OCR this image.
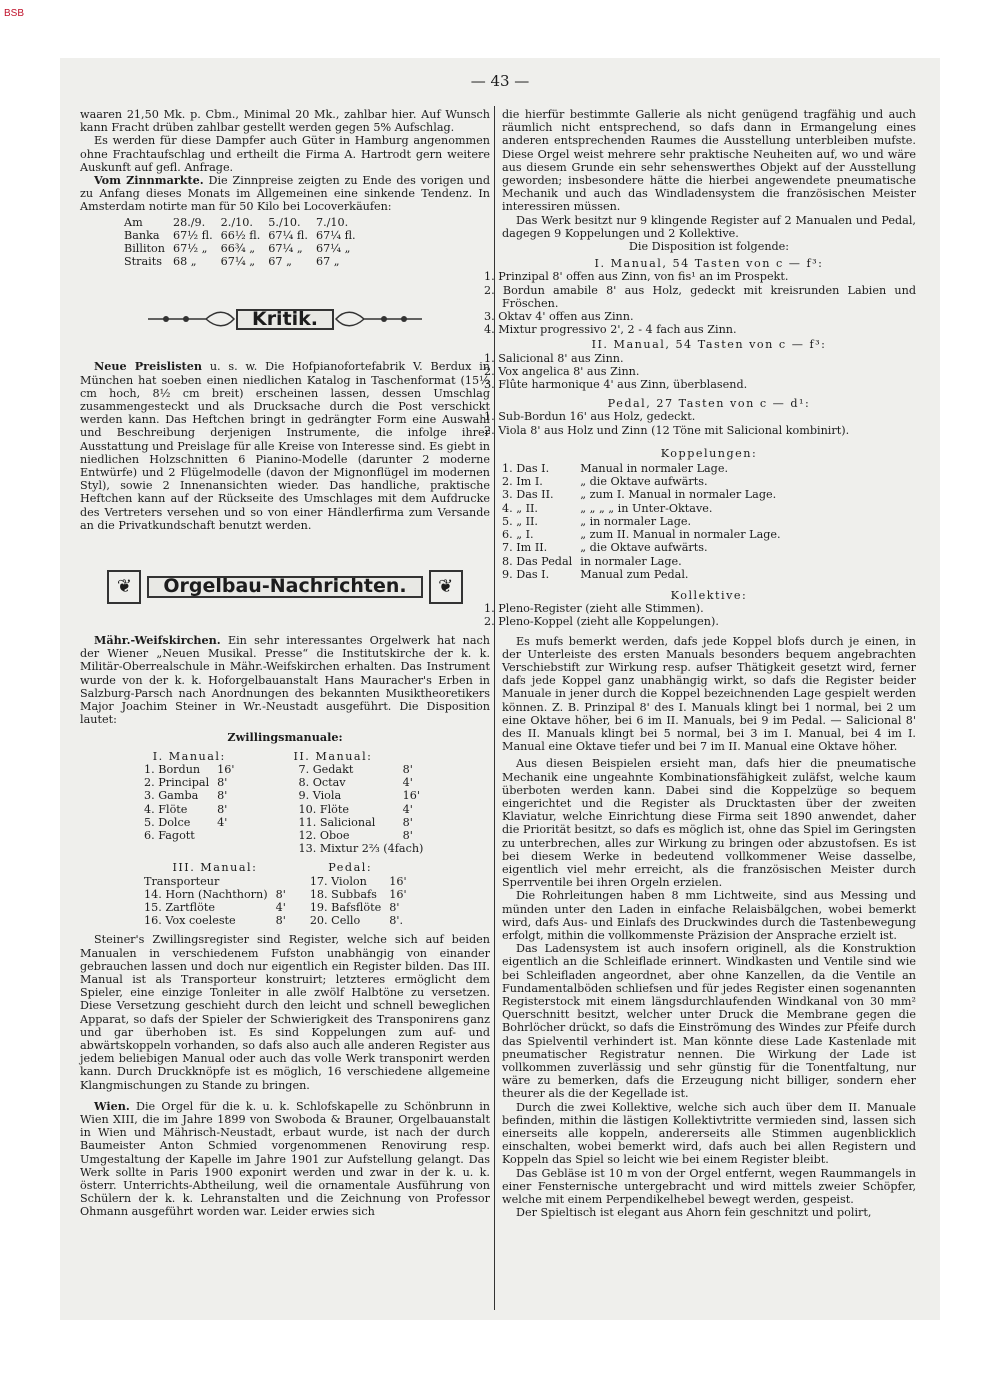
BSB
— 43 —

waaren 21,50 Mk. p. Cbm., Minimal 20 Mk., zahlbar hier. Auf Wunsch kann Fracht drüben zahlbar gestellt werden gegen 5% Aufschlag.

Es werden für diese Dampfer auch Güter in Hamburg angenommen ohne Frachtaufschlag und ertheilt die Firma A. Hartrodt gern weitere Auskunft auf gefl. Anfrage.

Vom Zinnmarkte. Die Zinnpreise zeigten zu Ende des vorigen und zu Anfang dieses Monats im Allgemeinen eine sinkende Tendenz. In Amsterdam notirte man für 50 Kilo bei Locoverkäufen:

Am	28./9.	2./10.	5./10.	7./10.
Banka	67½ fl.	66½ fl.	67¼ fl.	67¼ fl.
Billiton	67½ „	66¾ „	67¼ „	67¼ „
Straits	68 „	67¼ „	67 „	67 „
Kritik.

Neue Preislisten u. s. w. Die Hofpianofortefabrik V. Berdux in München hat soeben einen niedlichen Katalog in Taschenformat (15½ cm hoch, 8½ cm breit) erscheinen lassen, dessen Umschlag zusammengesteckt und als Drucksache durch die Post verschickt werden kann. Das Heftchen bringt in gedrängter Form eine Auswahl und Beschreibung derjenigen Instrumente, die infolge ihrer Ausstattung und Preislage für alle Kreise von Interesse sind. Es giebt in niedlichen Holzschnitten 6 Pianino-Modelle (darunter 2 moderne Entwürfe) und 2 Flügelmodelle (davon der Mignonflügel im modernen Styl), sowie 2 Innenansichten wieder. Das handliche, praktische Heftchen kann auf der Rückseite des Umschlages mit dem Aufdrucke des Vertreters versehen und so von einer Händlerfirma zum Versande an die Privatkundschaft benutzt werden.

❦	Orgelbau-Nachrichten.	❦

Mähr.-Weifskirchen. Ein sehr interessantes Orgelwerk hat nach der Wiener „Neuen Musikal. Presse“ die Institutskirche der k. k. Militär-Oberrealschule in Mähr.-Weifskirchen erhalten. Das Instrument wurde von der k. k. Hoforgelbauanstalt Hans Mauracher's Erben in Salzburg-Parsch nach Anordnungen des bekannten Musiktheoretikers Major Joachim Steiner in Wr.-Neustadt ausgeführt. Die Disposition lautet:

Zwillingsmanuale:

I. Manual:		II. Manual:	
1. Bordun	16'	7. Gedakt	8'
2. Principal	8'	8. Octav	4'
3. Gamba	8'	9. Viola	16'
4. Flöte	8'	10. Flöte	4'
5. Dolce	4'	11. Salicional	8'
6. Fagott		12. Oboe	8'
		13. Mixtur 2⅔ (4fach)	
III. Manual:		Pedal:	
Transporteur		17. Violon	16'
14. Horn (Nachthorn)	8'	18. Subbafs	16'
15. Zartflöte	4'	19. Bafsflöte	8'
16. Vox coeleste	8'	20. Cello	8'.

Steiner's Zwillingsregister sind Register, welche sich auf beiden Manualen in verschiedenem Fufston unabhängig von einander gebrauchen lassen und doch nur eigentlich ein Register bilden. Das III. Manual ist als Transporteur konstruirt; letzteres ermöglicht dem Spieler, eine einzige Tonleiter in alle zwölf Halbtöne zu versetzen. Diese Versetzung geschieht durch den leicht und schnell beweglichen Apparat, so dafs der Spieler der Schwierigkeit des Transponirens ganz und gar überhoben ist. Es sind Koppelungen zum auf- und abwärtskoppeln vorhanden, so dafs also auch alle anderen Register aus jedem beliebigen Manual oder auch das volle Werk transponirt werden kann. Durch Druckknöpfe ist es möglich, 16 verschiedene allgemeine Klangmischungen zu Stande zu bringen.

Wien. Die Orgel für die k. u. k. Schlofskapelle zu Schönbrunn in Wien XIII, die im Jahre 1899 von Swoboda & Brauner, Orgelbauanstalt in Wien und Mährisch-Neustadt, erbaut wurde, ist nach der durch Baumeister Anton Schmied vorgenommenen Renovirung resp. Umgestaltung der Kapelle im Jahre 1901 zur Aufstellung gelangt. Das Werk sollte in Paris 1900 exponirt werden und zwar in der k. u. k. österr. Unterrichts-Abtheilung, weil die ornamentale Ausführung von Schülern der k. k. Lehranstalten und die Zeichnung von Professor Ohmann ausgeführt worden war. Leider erwies sich

die hierfür bestimmte Gallerie als nicht genügend tragfähig und auch räumlich nicht entsprechend, so dafs dann in Ermangelung eines anderen entsprechenden Raumes die Ausstellung unterbleiben mufste. Diese Orgel weist mehrere sehr praktische Neuheiten auf, wo und wäre aus diesem Grunde ein sehr sehenswerthes Objekt auf der Ausstellung geworden; insbesondere hätte die hierbei angewendete pneumatische Mechanik und auch das Windladensystem die französischen Meister interessiren müssen.

Das Werk besitzt nur 9 klingende Register auf 2 Manualen und Pedal, dagegen 9 Koppelungen und 2 Kollektive.

Die Disposition ist folgende:

I. Manual, 54 Tasten von c — f³:

1. Prinzipal 8' offen aus Zinn, von fis¹ an im Prospekt.

2. Bordun amabile 8' aus Holz, gedeckt mit kreisrunden Labien und Fröschen.

3. Oktav 4' offen aus Zinn.

4. Mixtur progressivo 2', 2 - 4 fach aus Zinn.

II. Manual, 54 Tasten von c — f³:

1. Salicional 8' aus Zinn.

2. Vox angelica 8' aus Zinn.

3. Flûte harmonique 4' aus Zinn, überblasend.

Pedal, 27 Tasten von c — d¹:

1. Sub-Bordun 16' aus Holz, gedeckt.

2. Viola 8' aus Holz und Zinn (12 Töne mit Salicional kombinirt).

Koppelungen:

1. Das I.	Manual in normaler Lage.
2. Im I.	„ die Oktave aufwärts.
3. Das II.	„ zum I. Manual in normaler Lage.
4. „ II.	„ „ „ „ in Unter-Oktave.
5. „ II.	„ in normaler Lage.
6. „ I.	„ zum II. Manual in normaler Lage.
7. Im II.	„ die Oktave aufwärts.
8. Das Pedal	in normaler Lage.
9. Das I.	Manual zum Pedal.

Kollektive:

1. Pleno-Register (zieht alle Stimmen).

2. Pleno-Koppel (zieht alle Koppelungen).

Es mufs bemerkt werden, dafs jede Koppel blofs durch je einen, in der Unterleiste des ersten Manuals besonders bequem angebrachten Verschiebstift zur Wirkung resp. aufser Thätigkeit gesetzt wird, ferner dafs jede Koppel ganz unabhängig wirkt, so dafs die Register beider Manuale in jener durch die Koppel bezeichnenden Lage gespielt werden können. Z. B. Prinzipal 8' des I. Manuals klingt bei 1 normal, bei 2 um eine Oktave höher, bei 6 im II. Manuals, bei 9 im Pedal. — Salicional 8' des II. Manuals klingt bei 5 normal, bei 3 im I. Manual, bei 4 im I. Manual eine Oktave tiefer und bei 7 im II. Manual eine Oktave höher.

Aus diesen Beispielen ersieht man, dafs hier die pneumatische Mechanik eine ungeahnte Kombinationsfähigkeit zuläfst, welche kaum überboten werden kann. Dabei sind die Koppelzüge so bequem eingerichtet und die Register als Drucktasten über der zweiten Klaviatur, welche Einrichtung diese Firma seit 1890 anwendet, daher die Priorität besitzt, so dafs es möglich ist, ohne das Spiel im Geringsten zu unterbrechen, alles zur Wirkung zu bringen oder abzustofsen. Es ist bei diesem Werke in bedeutend vollkommener Weise dasselbe, eigentlich viel mehr erreicht, als die französischen Meister durch Sperrventile bei ihren Orgeln erzielen.

Die Rohrleitungen haben 8 mm Lichtweite, sind aus Messing und münden unter den Laden in einfache Relaisbälgchen, wobei bemerkt wird, dafs Aus- und Einlafs des Druckwindes durch die Tastenbewegung erfolgt, mithin die vollkommenste Präzision der Ansprache erzielt ist.

Das Ladensystem ist auch insofern originell, als die Konstruktion eigentlich an die Schleiflade erinnert. Windkasten und Ventile sind wie bei Schleifladen angeordnet, aber ohne Kanzellen, da die Ventile an Fundamentalböden schliefsen und für jedes Register einen sogenannten Registerstock mit einem längsdurchlaufenden Windkanal von 30 mm² Querschnitt besitzt, welcher unter Druck die Membrane gegen die Bohrlöcher drückt, so dafs die Einströmung des Windes zur Pfeife durch das Spielventil verhindert ist. Man könnte diese Lade Kastenlade mit pneumatischer Registratur nennen. Die Wirkung der Lade ist vollkommen zuverlässig und sehr günstig für die Tonentfaltung, nur wäre zu bemerken, dafs die Erzeugung nicht billiger, sondern eher theurer als die der Kegellade ist.

Durch die zwei Kollektive, welche sich auch über dem II. Manuale befinden, mithin die lästigen Kollektivtritte vermieden sind, lassen sich einerseits alle koppeln, andererseits alle Stimmen augenblicklich einschalten, wobei bemerkt wird, dafs auch bei allen Registern und Koppeln das Spiel so leicht wie bei einem Register bleibt.

Das Gebläse ist 10 m von der Orgel entfernt, wegen Raummangels in einer Fensternische untergebracht und wird mittels zweier Schöpfer, welche mit einem Perpendikelhebel bewegt werden, gespeist.

Der Spieltisch ist elegant aus Ahorn fein geschnitzt und polirt,
